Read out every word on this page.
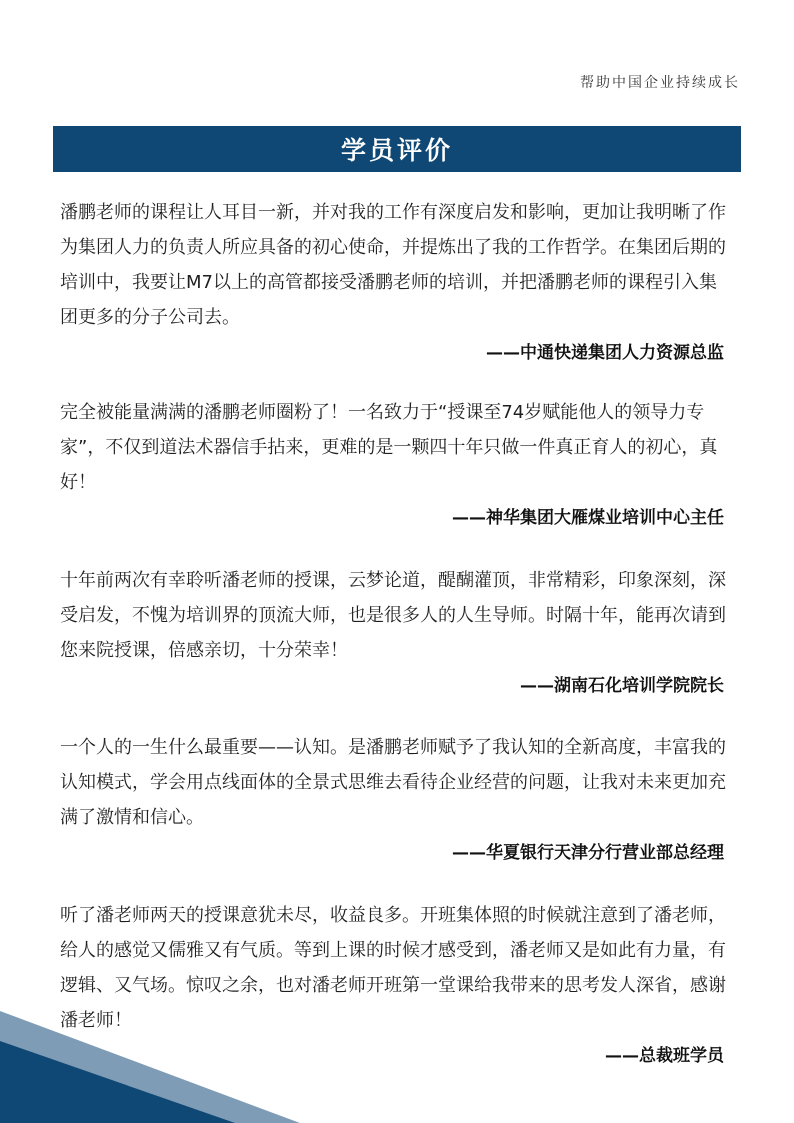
帮助中国企业持续成长
学员评价

潘鹏老师的课程让人耳目一新，并对我的工作有深度启发和影响，更加让我明晰了作为集团人力的负责人所应具备的初心使命，并提炼出了我的工作哲学。在集团后期的培训中，我要让M7以上的高管都接受潘鹏老师的培训，并把潘鹏老师的课程引入集团更多的分子公司去。

——中通快递集团人力资源总监

完全被能量满满的潘鹏老师圈粉了！一名致力于“授课至74岁赋能他人的领导力专家”，不仅到道法术器信手拈来，更难的是一颗四十年只做一件真正育人的初心，真好！

——神华集团大雁煤业培训中心主任

十年前两次有幸聆听潘老师的授课，云梦论道，醍醐灌顶，非常精彩，印象深刻，深受启发，不愧为培训界的顶流大师，也是很多人的人生导师。时隔十年，能再次请到您来院授课，倍感亲切，十分荣幸！

——湖南石化培训学院院长

一个人的一生什么最重要——认知。是潘鹏老师赋予了我认知的全新高度，丰富我的认知模式，学会用点线面体的全景式思维去看待企业经营的问题，让我对未来更加充满了激情和信心。

——华夏银行天津分行营业部总经理

听了潘老师两天的授课意犹未尽，收益良多。开班集体照的时候就注意到了潘老师，给人的感觉又儒雅又有气质。等到上课的时候才感受到，潘老师又是如此有力量，有逻辑、又气场。惊叹之余，也对潘老师开班第一堂课给我带来的思考发人深省，感谢潘老师！

——总裁班学员
